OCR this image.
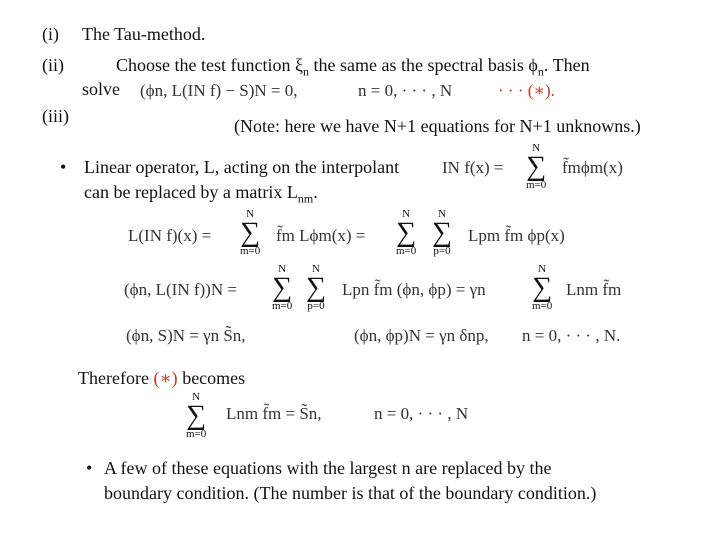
(i) The Tau-method.
(ii)	Choose the test function $\xi_n$ the same as the spectral basis $\phi_n$. Then
solve (ϕn, L(IN f) − S)N = 0,	n = 0, · · · , N	· · · (∗).
(iii)	(Note: here we have N+1 equations for N+1 unknowns.)
• Linear operator, L, acting on the interpolant
can be replaced by a matrix $L_{nm}$.
IN f(x) =
N
∑
m=0
f̃mϕm(x)
L(IN f)(x) =
N
∑
m=0
f̃m Lϕm(x) =
N
∑
m=0
N
∑
p=0
Lpm f̃m ϕp(x)
(ϕn, L(IN f))N =
N
∑
m=0
N
∑
p=0
Lpn f̃m (ϕn, ϕp) = γn
N
∑
m=0
Lnm f̃m
(ϕn, S)N = γn S̃n,	(ϕn, ϕp)N = γn δnp, n = 0, · · · , N.
Therefore (∗) becomes
N
∑
m=0
Lnm f̃m = S̃n,	n = 0, · · · , N
• A few of these equations with the largest n are replaced by the
boundary condition. (The number is that of the boundary condition.)
